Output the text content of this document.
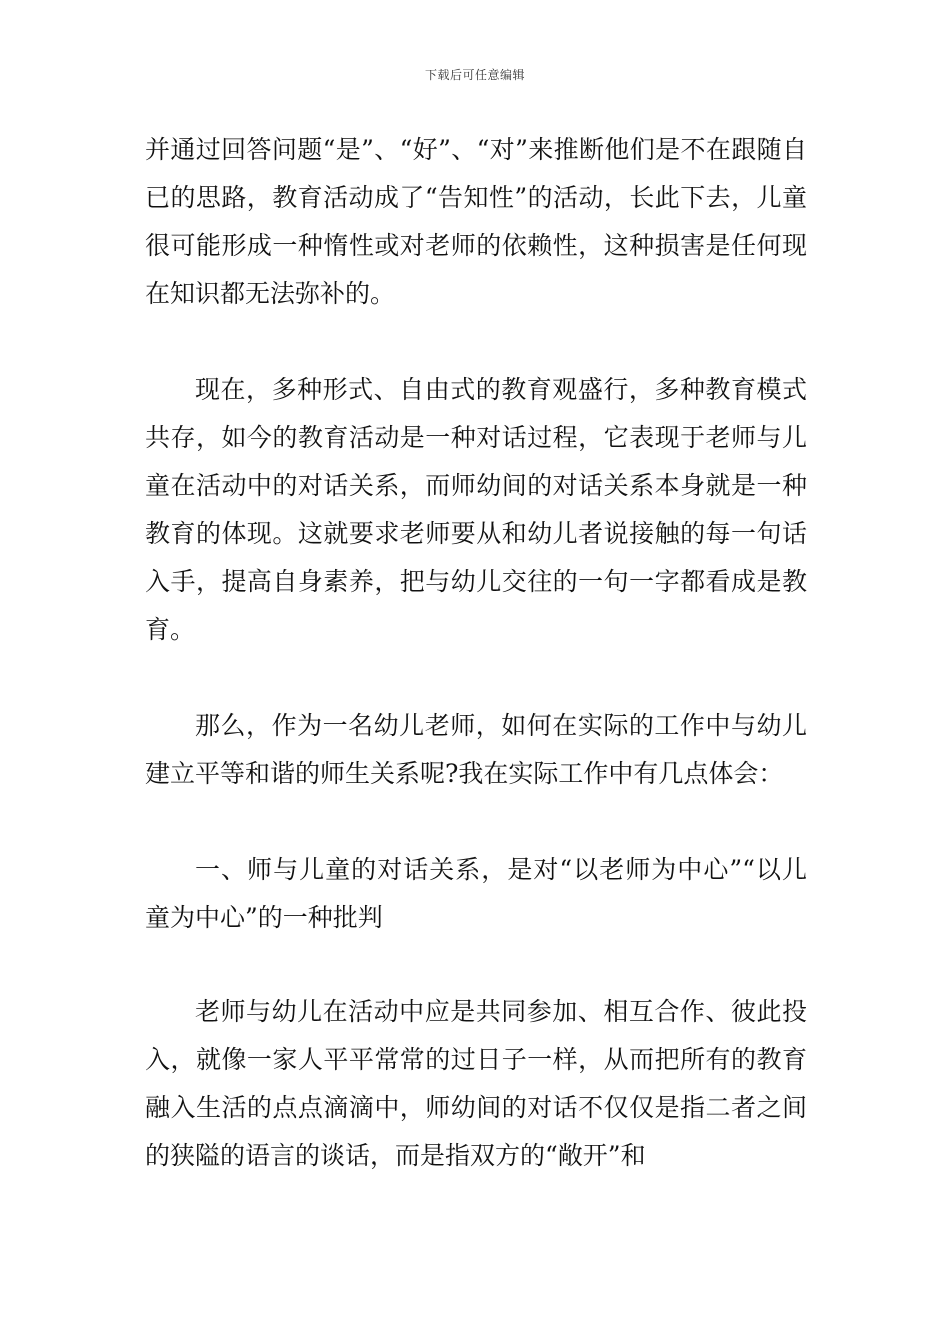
下载后可任意编辑

并通过回答问题“是”、“好”、“对”来推断他们是不在跟随自已的思路，教育活动成了“告知性”的活动，长此下去，儿童很可能形成一种惰性或对老师的依赖性，这种损害是任何现在知识都无法弥补的。

现在，多种形式、自由式的教育观盛行，多种教育模式共存，如今的教育活动是一种对话过程，它表现于老师与儿童在活动中的对话关系，而师幼间的对话关系本身就是一种教育的体现。这就要求老师要从和幼儿者说接触的每一句话入手，提高自身素养，把与幼儿交往的一句一字都看成是教育。

那么，作为一名幼儿老师，如何在实际的工作中与幼儿建立平等和谐的师生关系呢?我在实际工作中有几点体会：

一、师与儿童的对话关系，是对“以老师为中心”“以儿童为中心”的一种批判

老师与幼儿在活动中应是共同参加、相互合作、彼此投入，就像一家人平平常常的过日子一样，从而把所有的教育融入生活的点点滴滴中，师幼间的对话不仅仅是指二者之间的狭隘的语言的谈话，而是指双方的“敞开”和
